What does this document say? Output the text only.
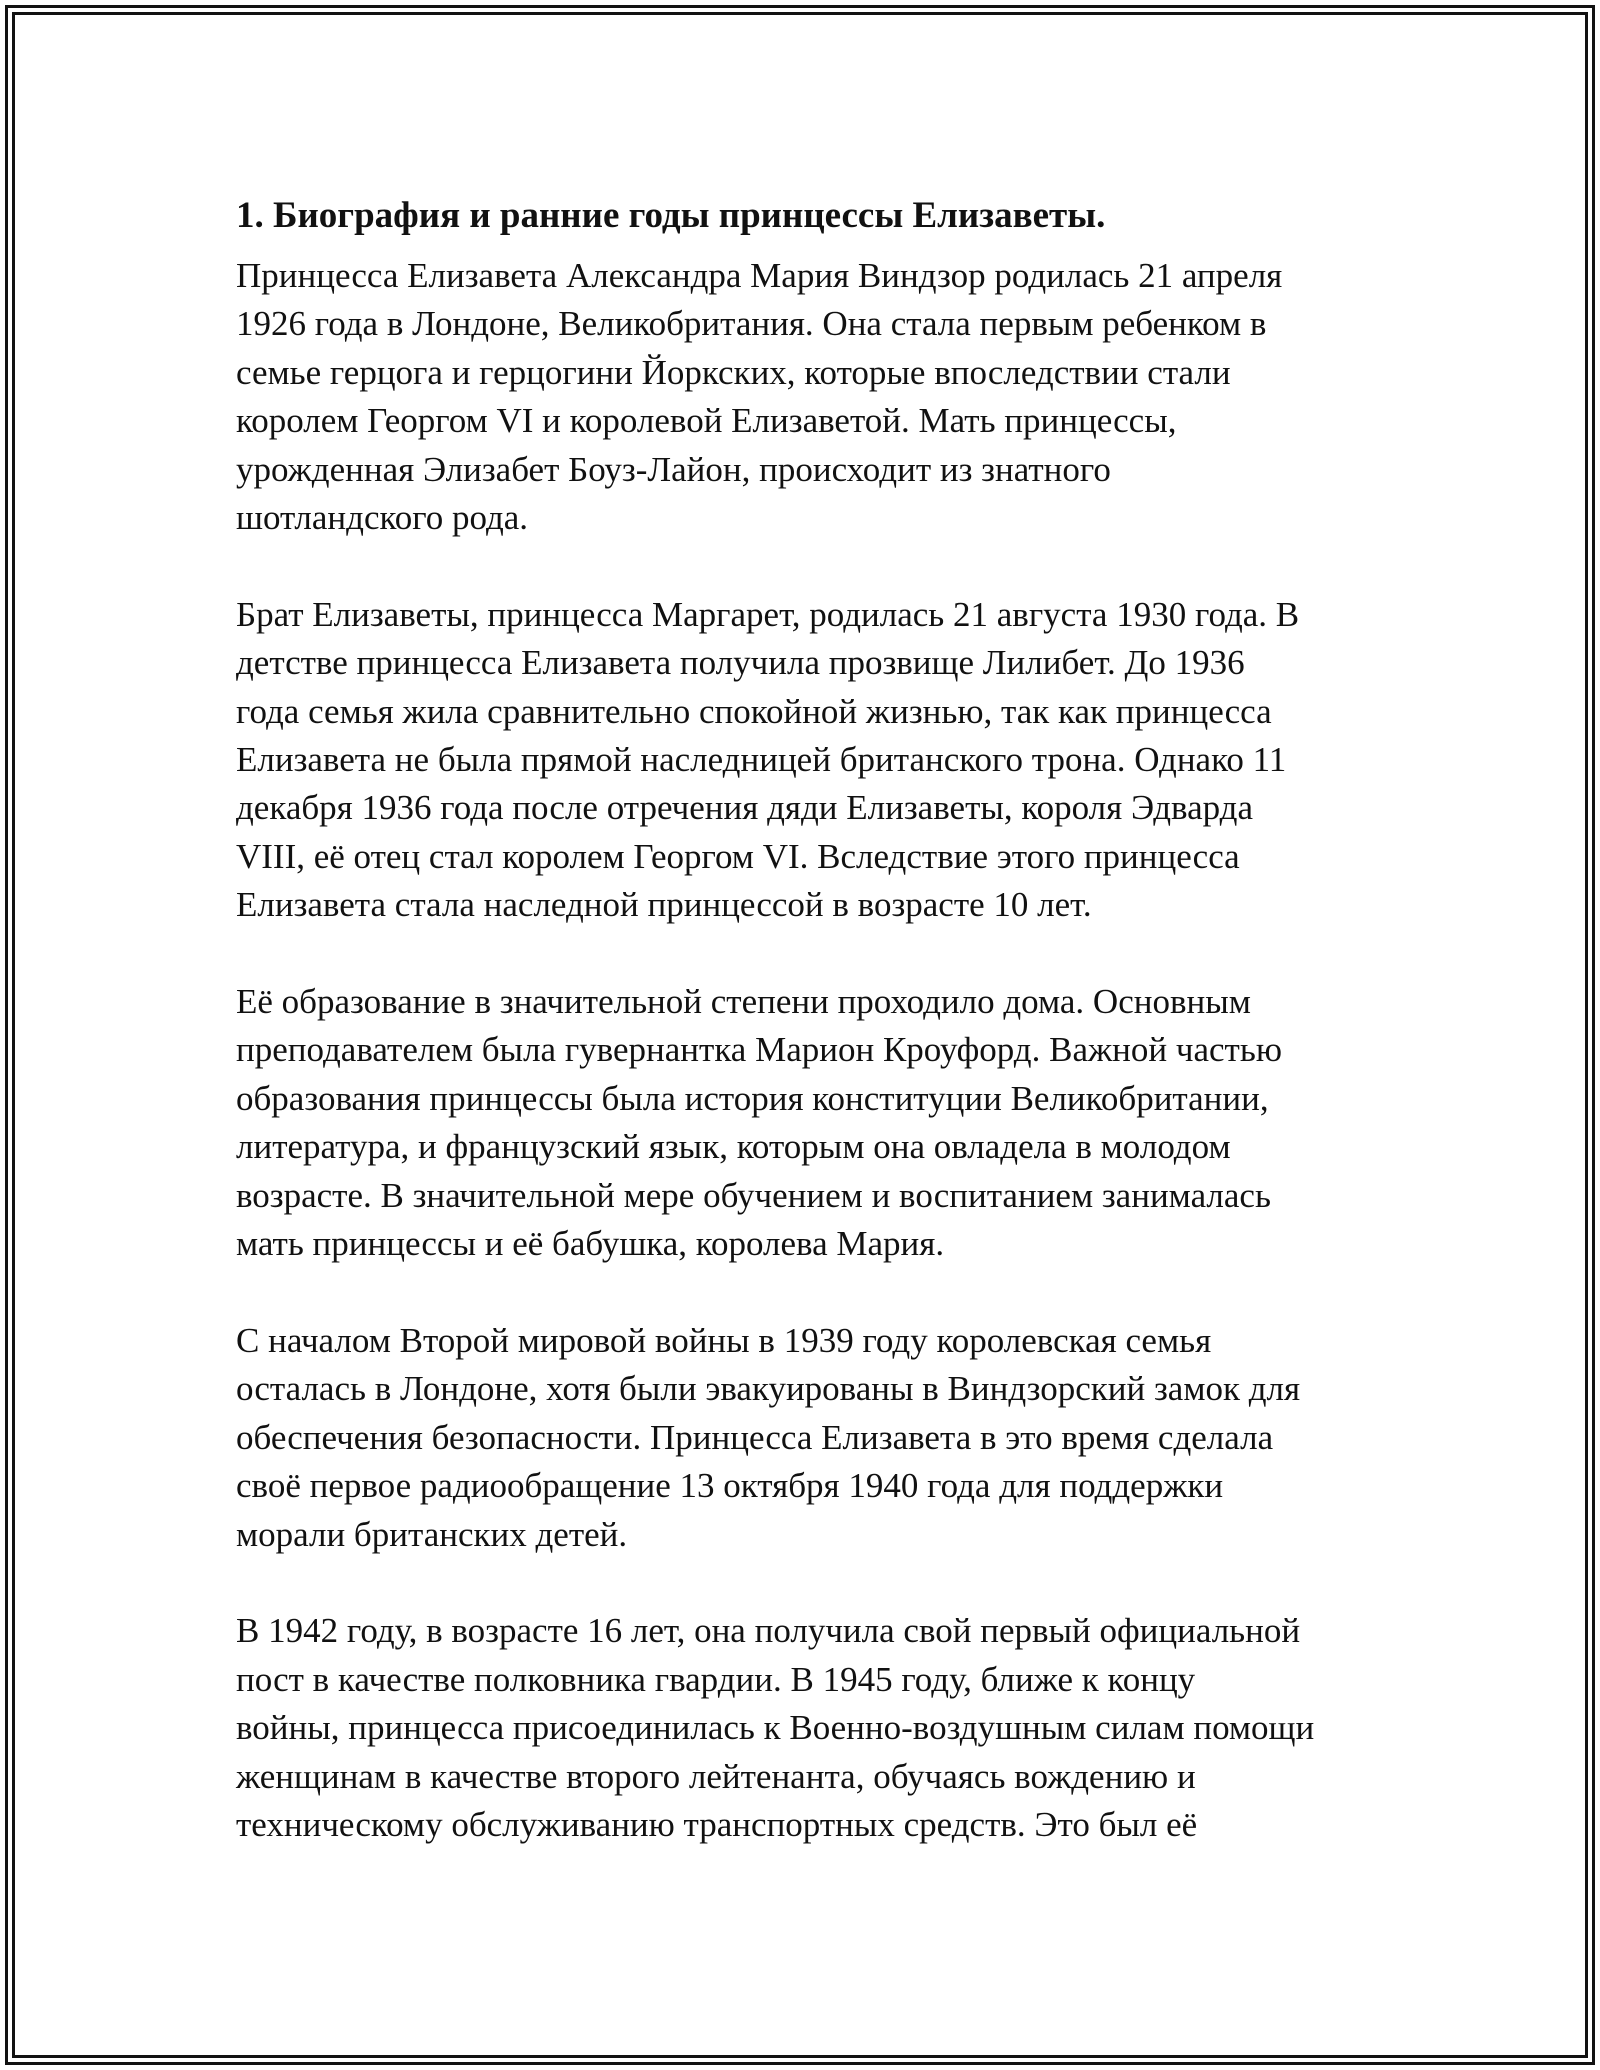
1. Биография и ранние годы принцессы Елизаветы.

Принцесса Елизавета Александра Мария Виндзор родилась 21 апреля
1926 года в Лондоне, Великобритания. Она стала первым ребенком в
семье герцога и герцогини Йоркских, которые впоследствии стали
королем Георгом VI и королевой Елизаветой. Мать принцессы,
урожденная Элизабет Боуз-Лайон, происходит из знатного
шотландского рода.

Брат Елизаветы, принцесса Маргарет, родилась 21 августа 1930 года. В
детстве принцесса Елизавета получила прозвище Лилибет. До 1936
года семья жила сравнительно спокойной жизнью, так как принцесса
Елизавета не была прямой наследницей британского трона. Однако 11
декабря 1936 года после отречения дяди Елизаветы, короля Эдварда
VIII, её отец стал королем Георгом VI. Вследствие этого принцесса
Елизавета стала наследной принцессой в возрасте 10 лет.

Её образование в значительной степени проходило дома. Основным
преподавателем была гувернантка Марион Кроуфорд. Важной частью
образования принцессы была история конституции Великобритании,
литература, и французский язык, которым она овладела в молодом
возрасте. В значительной мере обучением и воспитанием занималась
мать принцессы и её бабушка, королева Мария.

С началом Второй мировой войны в 1939 году королевская семья
осталась в Лондоне, хотя были эвакуированы в Виндзорский замок для
обеспечения безопасности. Принцесса Елизавета в это время сделала
своё первое радиообращение 13 октября 1940 года для поддержки
морали британских детей.

В 1942 году, в возрасте 16 лет, она получила свой первый официальной
пост в качестве полковника гвардии. В 1945 году, ближе к концу
войны, принцесса присоединилась к Военно-воздушным силам помощи
женщинам в качестве второго лейтенанта, обучаясь вождению и
техническому обслуживанию транспортных средств. Это был её
